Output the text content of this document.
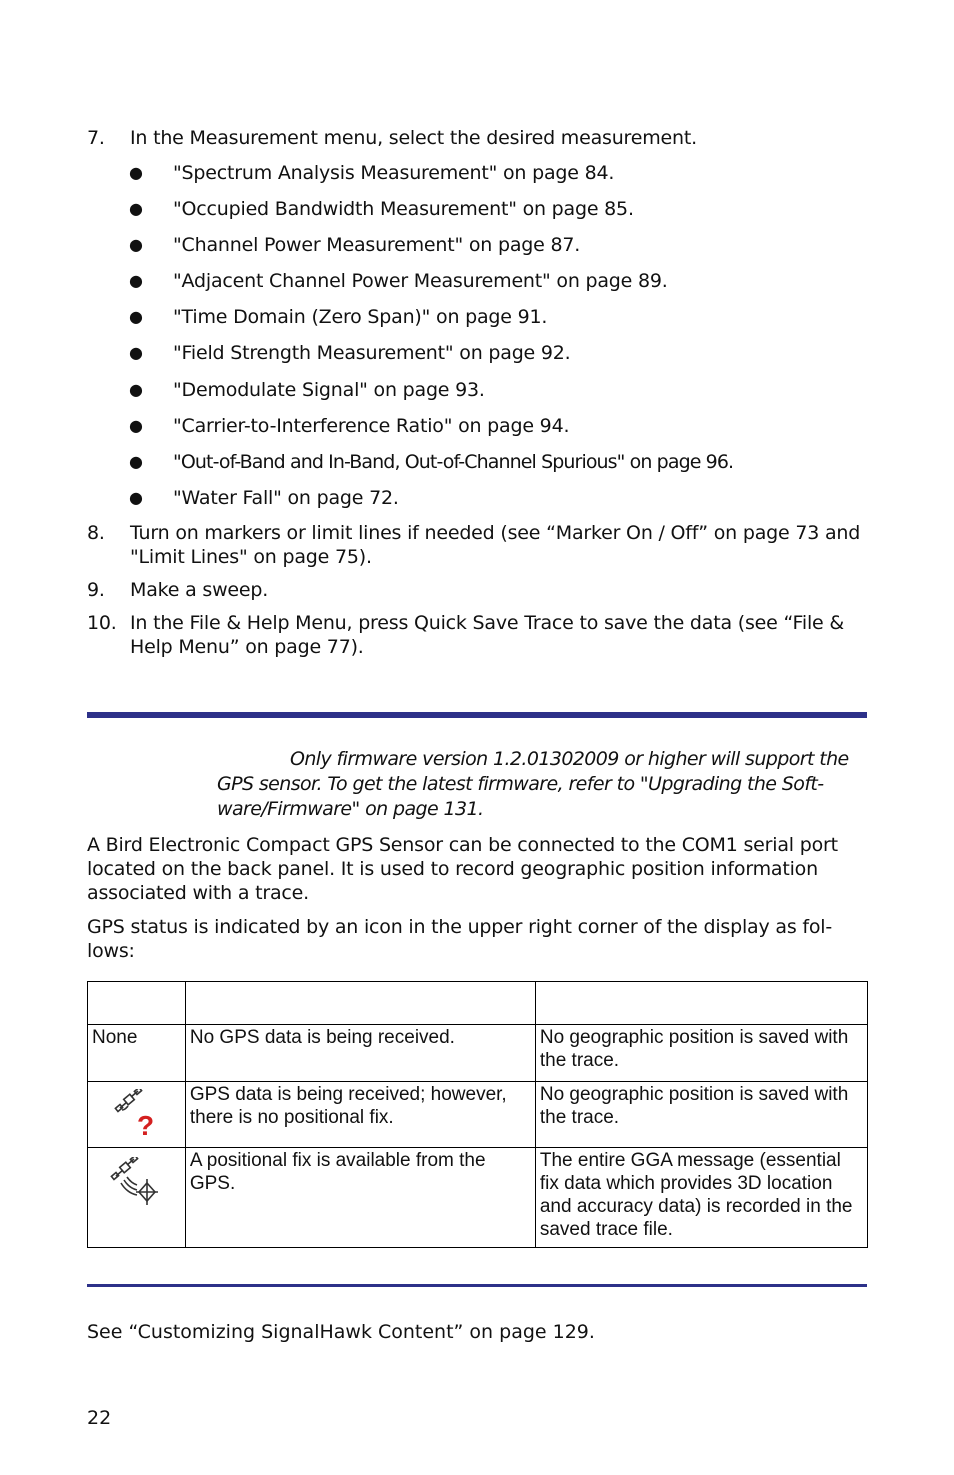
7. In the Measurement menu, select the desired measurement.
● "Spectrum Analysis Measurement" on page 84.
● "Occupied Bandwidth Measurement" on page 85.
● "Channel Power Measurement" on page 87.
● "Adjacent Channel Power Measurement" on page 89.
● "Time Domain (Zero Span)" on page 91.
● "Field Strength Measurement" on page 92.
● "Demodulate Signal" on page 93.
● "Carrier-to-Interference Ratio" on page 94.
● "Out-of-Band and In-Band, Out-of-Channel Spurious" on page 96.
● "Water Fall" on page 72.
8. Turn on markers or limit lines if needed (see “Marker On / Off” on page 73 and "Limit Lines" on page 75).
9. Make a sweep.
10. In the File & Help Menu, press Quick Save Trace to save the data (see “File & Help Menu” on page 77).
Only firmware version 1.2.01302009 or higher will support the GPS sensor. To get the latest firmware, refer to "Upgrading the Soft-ware/Firmware" on page 131.
A Bird Electronic Compact GPS Sensor can be connected to the COM1 serial port located on the back panel. It is used to record geographic position information associated with a trace.
GPS status is indicated by an icon in the upper right corner of the display as fol-lows:

None	No GPS data is being received.	No geographic position is saved with the trace.

?	GPS data is being received; however, there is no positional fix.	No geographic position is saved with the trace.
	A positional fix is available from the GPS.	The entire GGA message (essential fix data which provides 3D location and accuracy data) is recorded in the saved trace file.
See “Customizing SignalHawk Content” on page 129.
22
